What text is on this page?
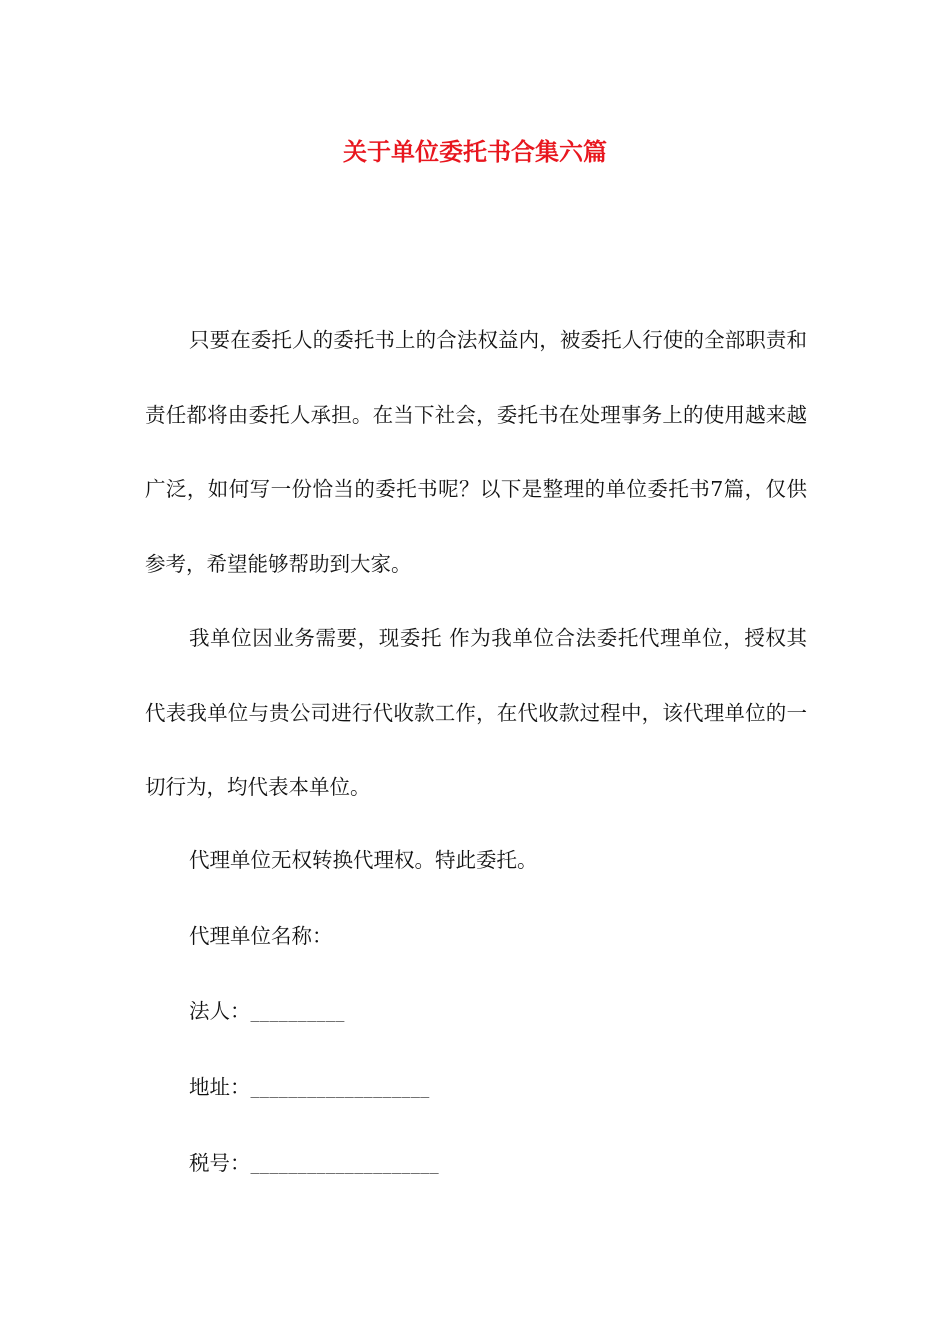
关于单位委托书合集六篇

只要在委托人的委托书上的合法权益内，被委托人行使的全部职责和责任都将由委托人承担。在当下社会，委托书在处理事务上的使用越来越广泛，如何写一份恰当的委托书呢？以下是整理的单位委托书7篇，仅供参考，希望能够帮助到大家。

我单位因业务需要，现委托 作为我单位合法委托代理单位，授权其代表我单位与贵公司进行代收款工作，在代收款过程中，该代理单位的一切行为，均代表本单位。

代理单位无权转换代理权。特此委托。

代理单位名称：

法人：__________

地址：___________________

税号：____________________
